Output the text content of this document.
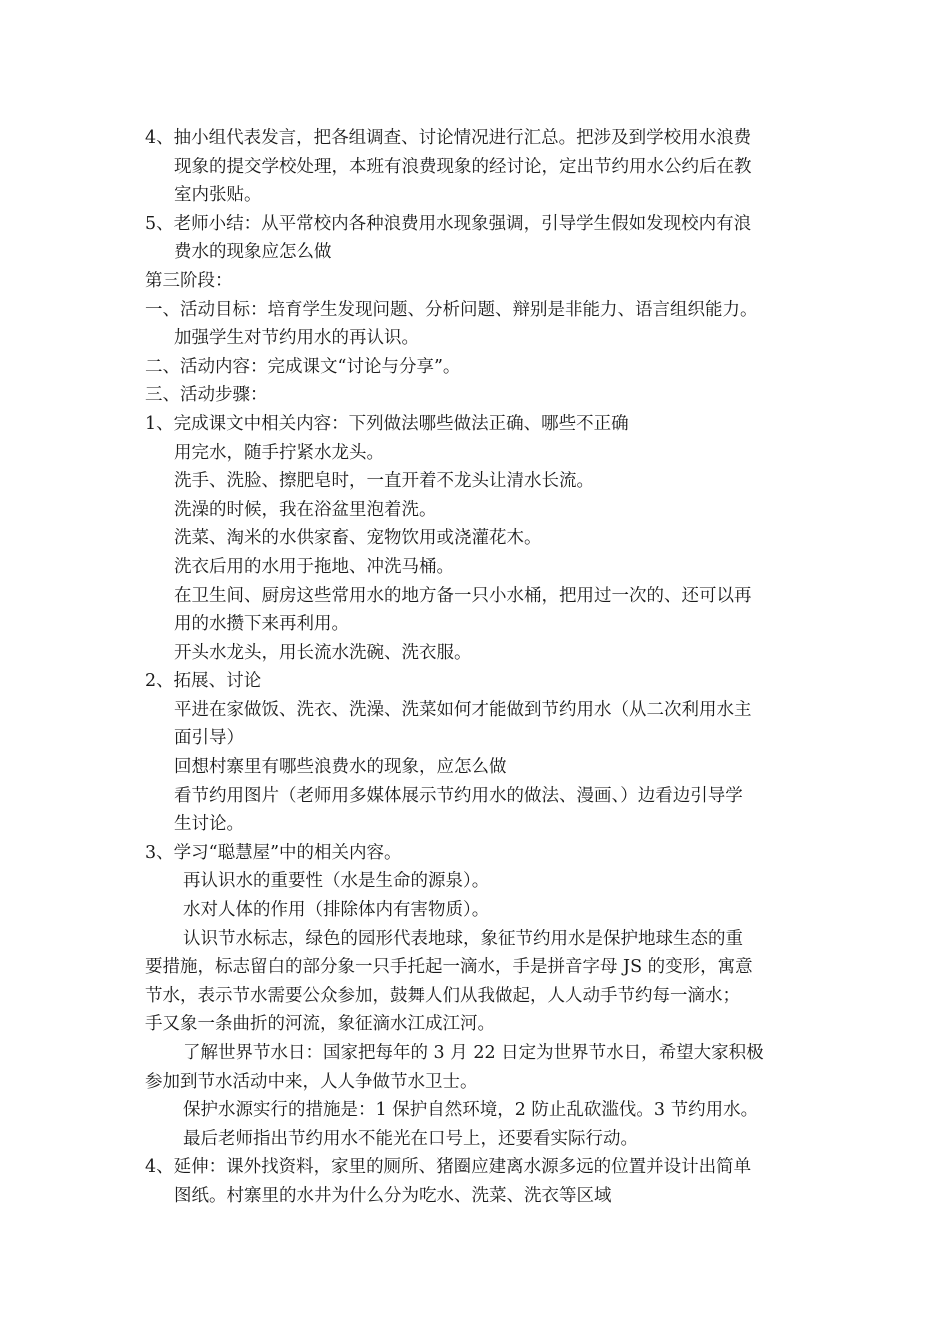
4、抽小组代表发言，把各组调查、讨论情况进行汇总。把涉及到学校用水浪费
现象的提交学校处理，本班有浪费现象的经讨论，定出节约用水公约后在教
室内张贴。
5、老师小结：从平常校内各种浪费用水现象强调，引导学生假如发现校内有浪
费水的现象应怎么做
第三阶段：
一、活动目标：培育学生发现问题、分析问题、辩别是非能力、语言组织能力。
加强学生对节约用水的再认识。
二、活动内容：完成课文“讨论与分享”。
三、活动步骤：
1、完成课文中相关内容：下列做法哪些做法正确、哪些不正确
用完水，随手拧紧水龙头。
洗手、洗脸、擦肥皂时，一直开着不龙头让清水长流。
洗澡的时候，我在浴盆里泡着洗。
洗菜、淘米的水供家畜、宠物饮用或浇灌花木。
洗衣后用的水用于拖地、冲洗马桶。
在卫生间、厨房这些常用水的地方备一只小水桶，把用过一次的、还可以再
用的水攒下来再利用。
开头水龙头，用长流水洗碗、洗衣服。
2、拓展、讨论
平进在家做饭、洗衣、洗澡、洗菜如何才能做到节约用水（从二次利用水主
面引导）
回想村寨里有哪些浪费水的现象，应怎么做
看节约用图片（老师用多媒体展示节约用水的做法、漫画、）边看边引导学
生讨论。
3、学习“聪慧屋”中的相关内容。
再认识水的重要性（水是生命的源泉）。
水对人体的作用（排除体内有害物质）。
认识节水标志，绿色的园形代表地球，象征节约用水是保护地球生态的重
要措施，标志留白的部分象一只手托起一滴水，手是拼音字母 JS 的变形，寓意
节水，表示节水需要公众参加，鼓舞人们从我做起，人人动手节约每一滴水；
手又象一条曲折的河流，象征滴水江成江河。
了解世界节水日：国家把每年的 3 月 22 日定为世界节水日，希望大家积极
参加到节水活动中来，人人争做节水卫士。
保护水源实行的措施是：1 保护自然环境，2 防止乱砍滥伐。3 节约用水。
最后老师指出节约用水不能光在口号上，还要看实际行动。
4、延伸：课外找资料，家里的厕所、猪圈应建离水源多远的位置并设计出简单
图纸。村寨里的水井为什么分为吃水、洗菜、洗衣等区域
